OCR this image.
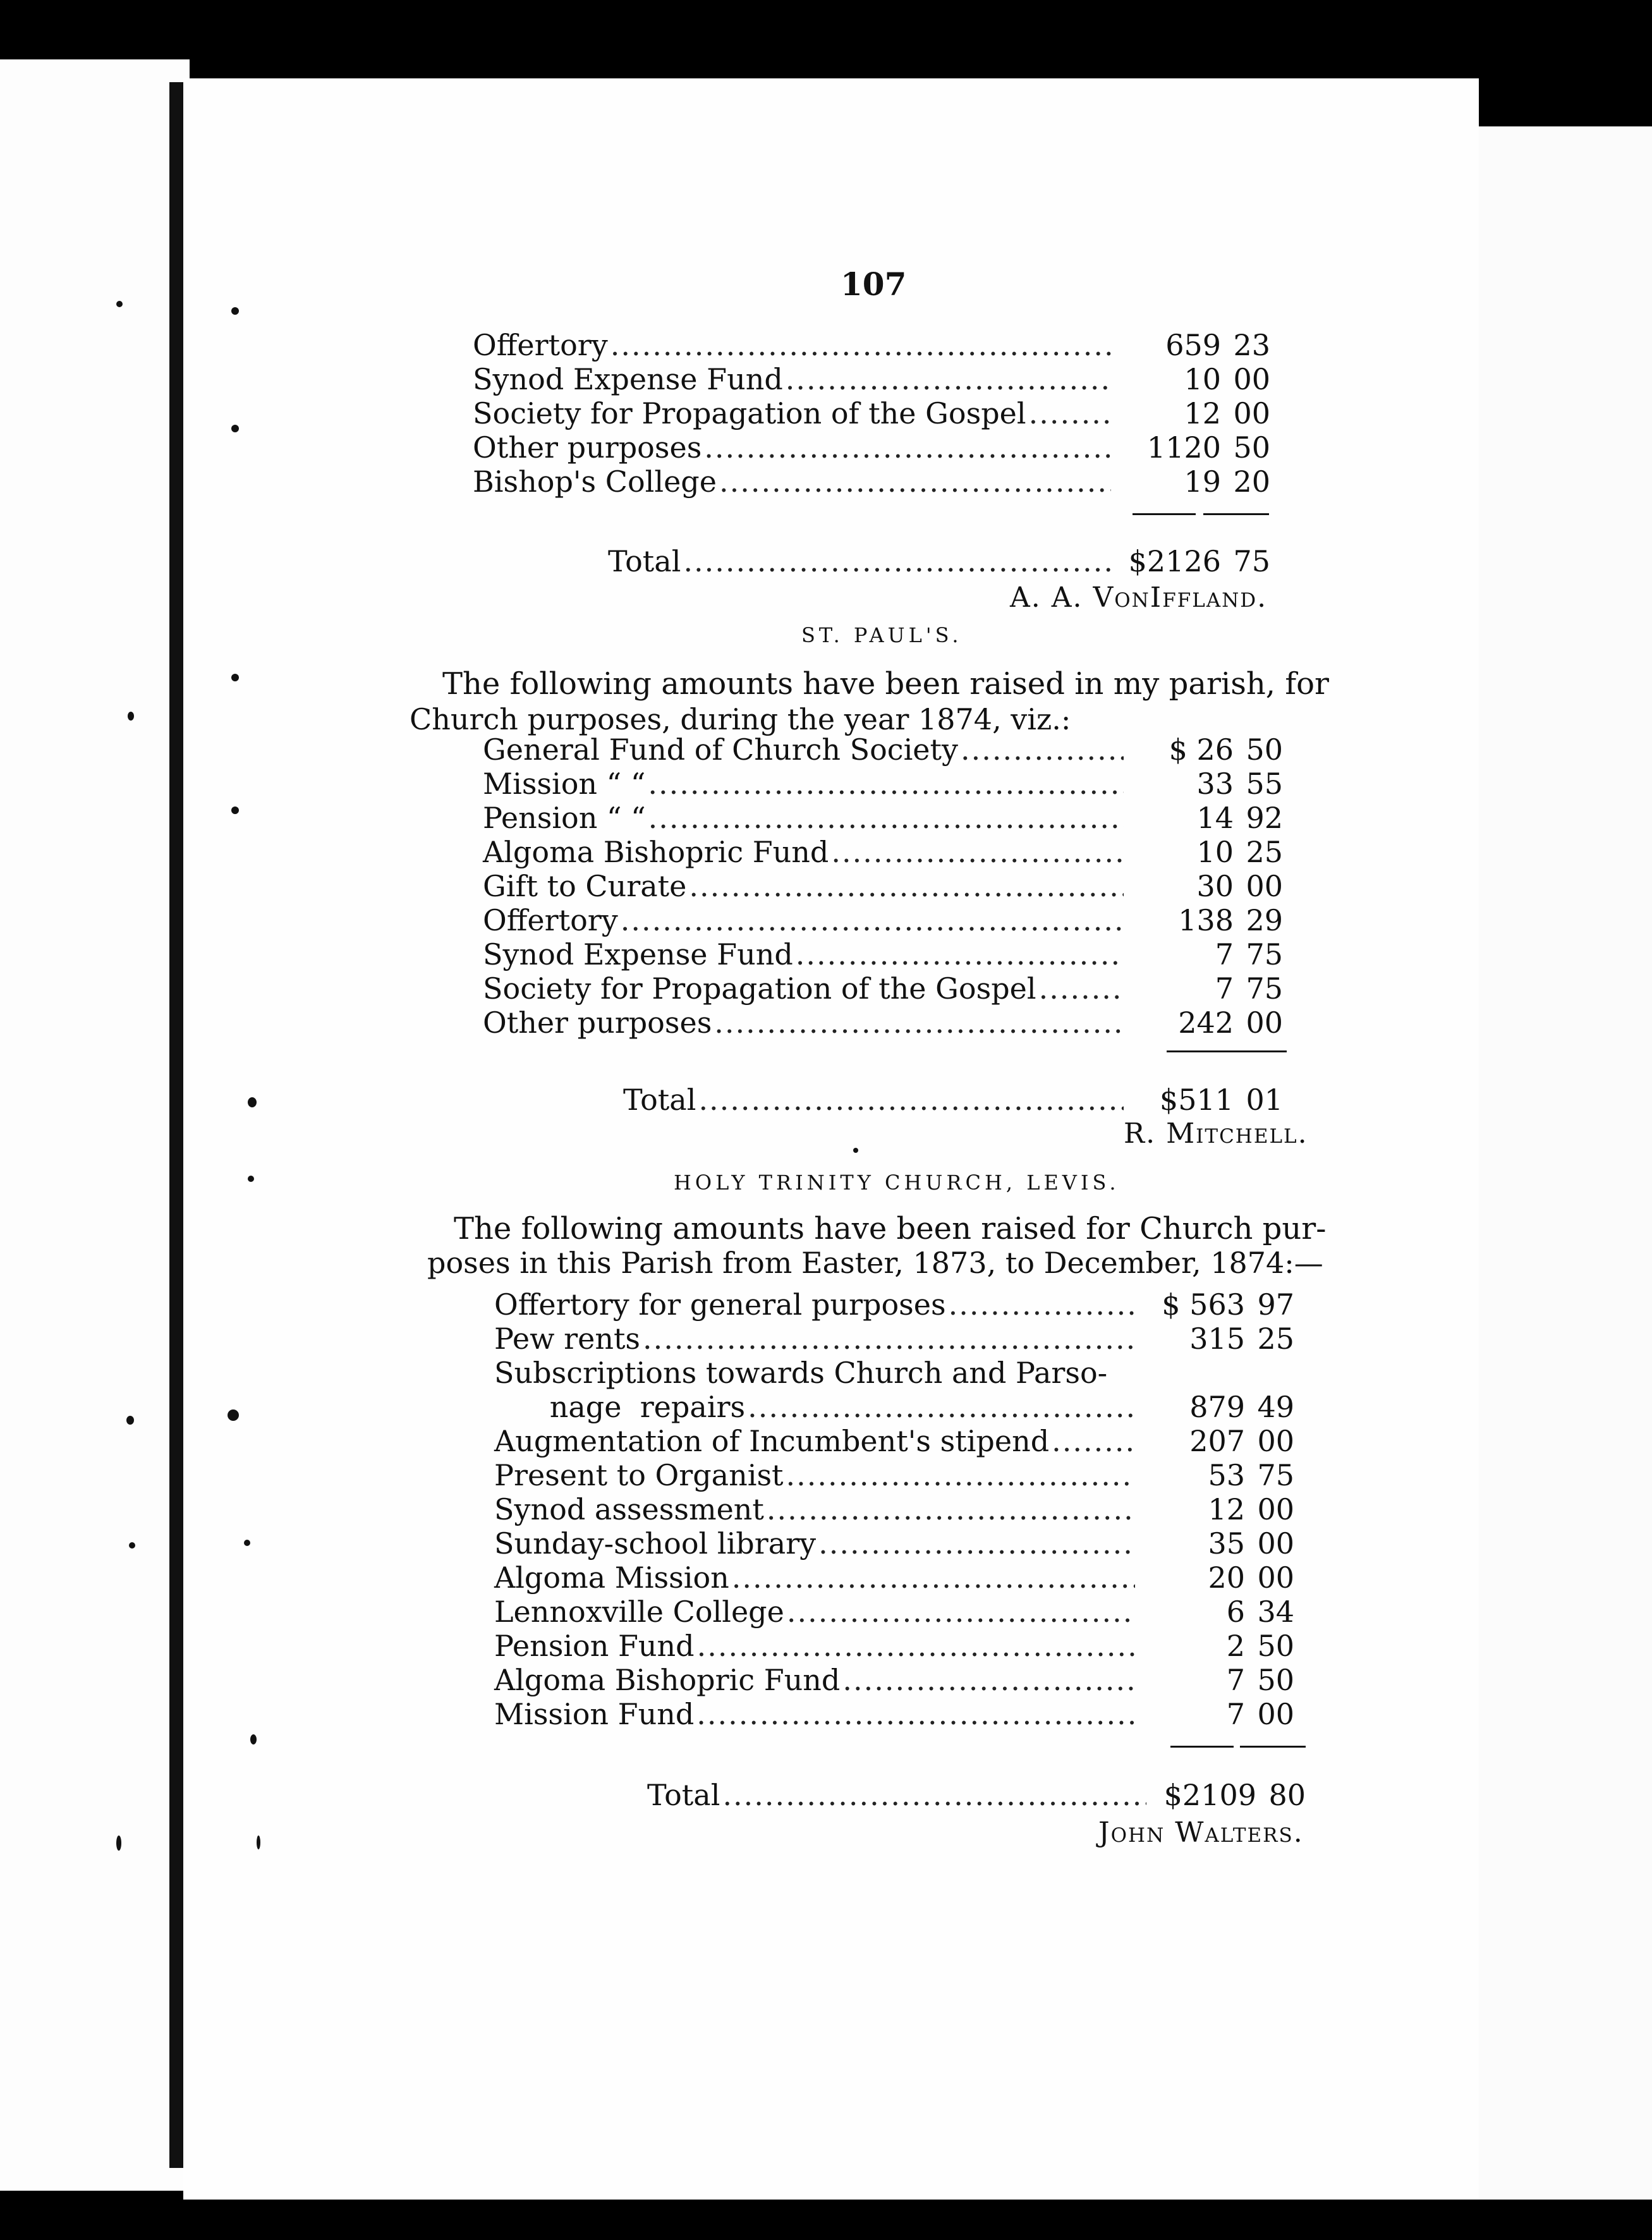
107
Offertory .....	659 23
Synod Expense Fund .....	10 00
Society for Propagation of the Gospel .....	12 00
Other purposes .....	1120 50
Bishop's College .....	19 20
Total .....	$2126 75
A. A. VonIffland.
ST. PAUL'S.
The following amounts have been raised in my parish, for
Church purposes, during the year 1874, viz.:
General Fund of Church Society .....	$ 26 50
Mission “ “ .....	33 55
Pension “ “ .....	14 92
Algoma Bishopric Fund .....	10 25
Gift to Curate .....	30 00
Offertory .....	138 29
Synod Expense Fund .....	7 75
Society for Propagation of the Gospel .....	7 75
Other purposes .....	242 00
Total .....	$511 01
R. Mitchell.
HOLY TRINITY CHURCH, LEVIS.
The following amounts have been raised for Church pur-
poses in this Parish from Easter, 1873, to December, 1874:—
Offertory for general purposes .....	$ 563 97
Pew rents .....	315 25
Subscriptions towards Church and Parso-
nage  repairs .....	879 49
Augmentation of Incumbent's stipend .....	207 00
Present to Organist .....	53 75
Synod assessment .....	12 00
Sunday-school library .....	35 00
Algoma Mission .....	20 00
Lennoxville College .....	6 34
Pension Fund .....	2 50
Algoma Bishopric Fund .....	7 50
Mission Fund .....	7 00
Total .....	$2109 80
John Walters.
